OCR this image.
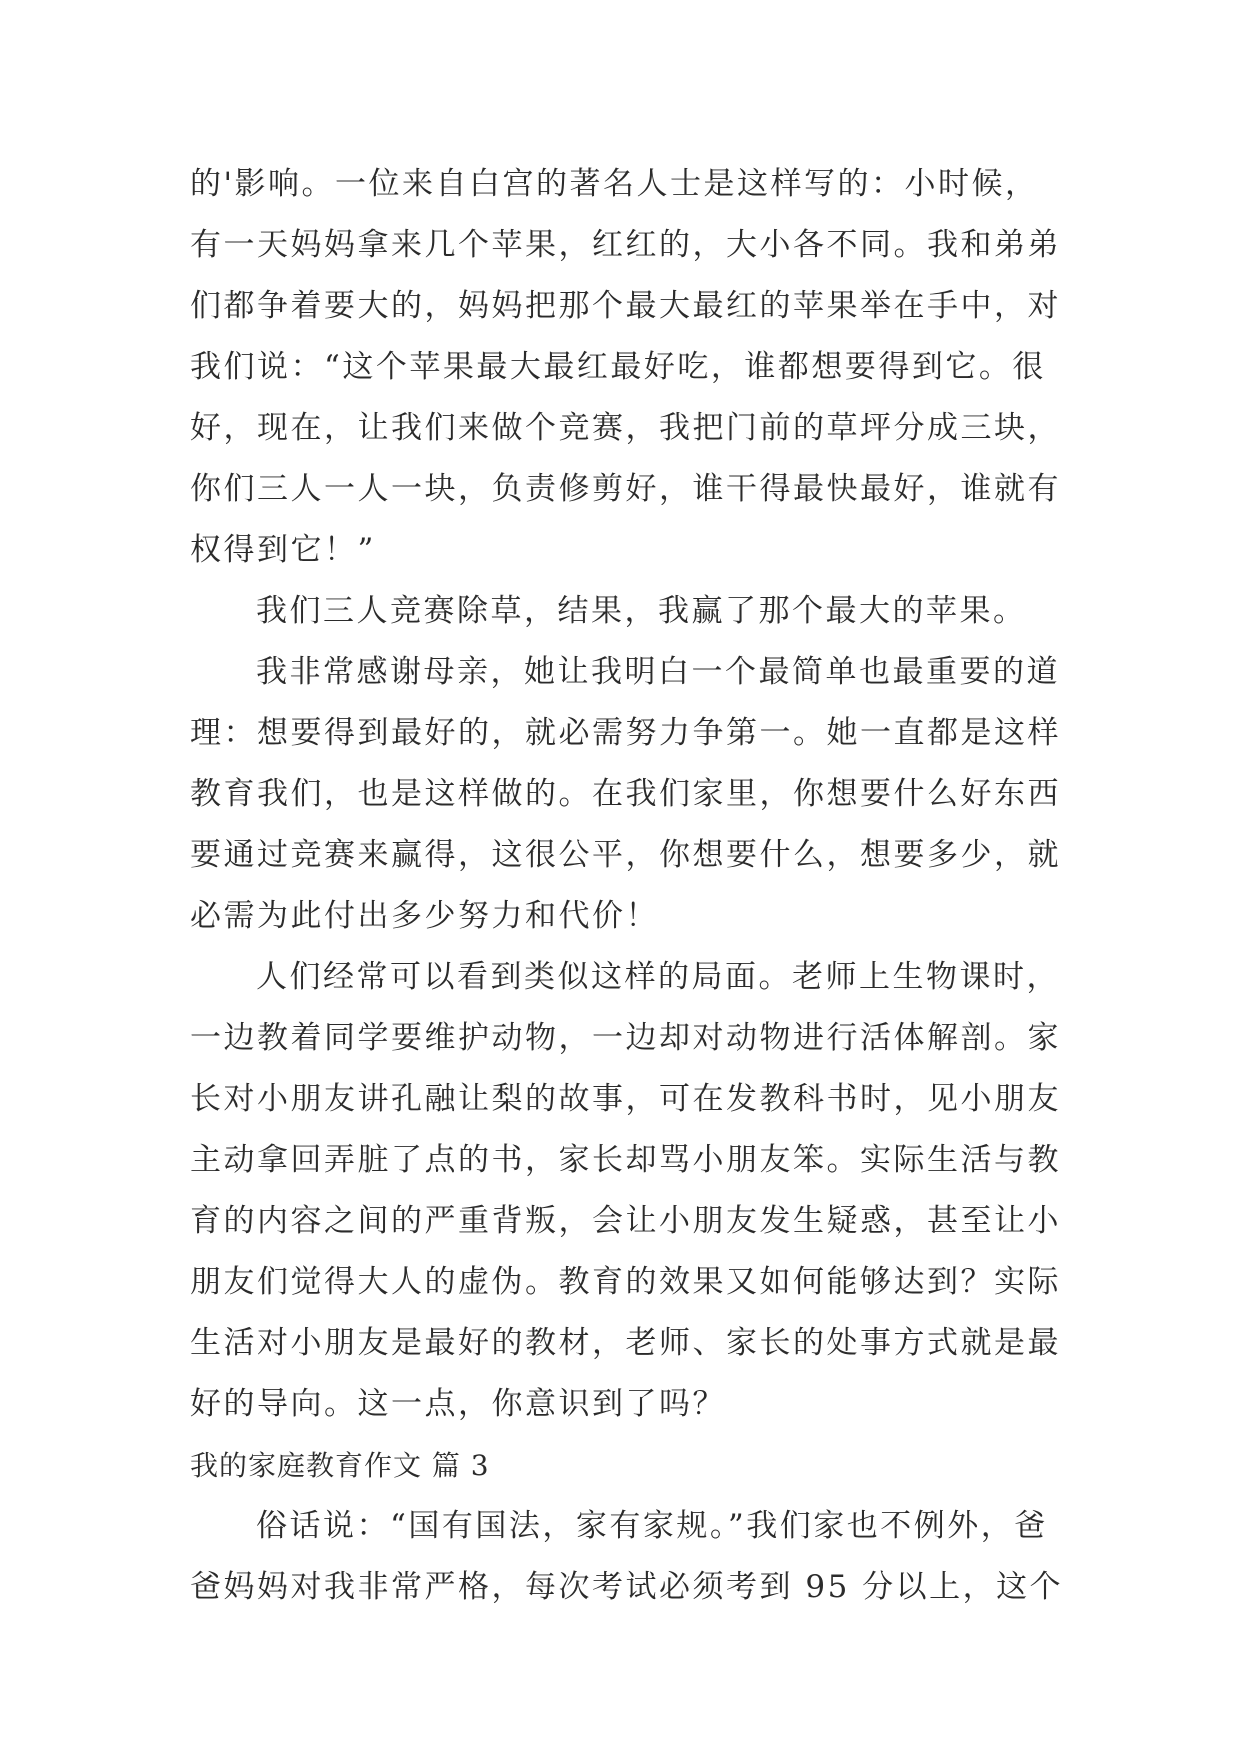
的'影响。一位来自白宫的著名人士是这样写的：小时候，
有一天妈妈拿来几个苹果，红红的，大小各不同。我和弟弟
们都争着要大的，妈妈把那个最大最红的苹果举在手中，对
我们说：“这个苹果最大最红最好吃，谁都想要得到它。很
好，现在，让我们来做个竞赛，我把门前的草坪分成三块，
你们三人一人一块，负责修剪好，谁干得最快最好，谁就有
权得到它！”

我们三人竞赛除草，结果，我赢了那个最大的苹果。

我非常感谢母亲，她让我明白一个最简单也最重要的道
理：想要得到最好的，就必需努力争第一。她一直都是这样
教育我们，也是这样做的。在我们家里，你想要什么好东西
要通过竞赛来赢得，这很公平，你想要什么，想要多少，就
必需为此付出多少努力和代价！

人们经常可以看到类似这样的局面。老师上生物课时，
一边教着同学要维护动物，一边却对动物进行活体解剖。家
长对小朋友讲孔融让梨的故事，可在发教科书时，见小朋友
主动拿回弄脏了点的书，家长却骂小朋友笨。实际生活与教
育的内容之间的严重背叛，会让小朋友发生疑惑，甚至让小
朋友们觉得大人的虚伪。教育的效果又如何能够达到？实际
生活对小朋友是最好的教材，老师、家长的处事方式就是最
好的导向。这一点，你意识到了吗？

我的家庭教育作文 篇 3

俗话说：“国有国法，家有家规。”我们家也不例外，爸
爸妈妈对我非常严格，每次考试必须考到 95 分以上，这个
